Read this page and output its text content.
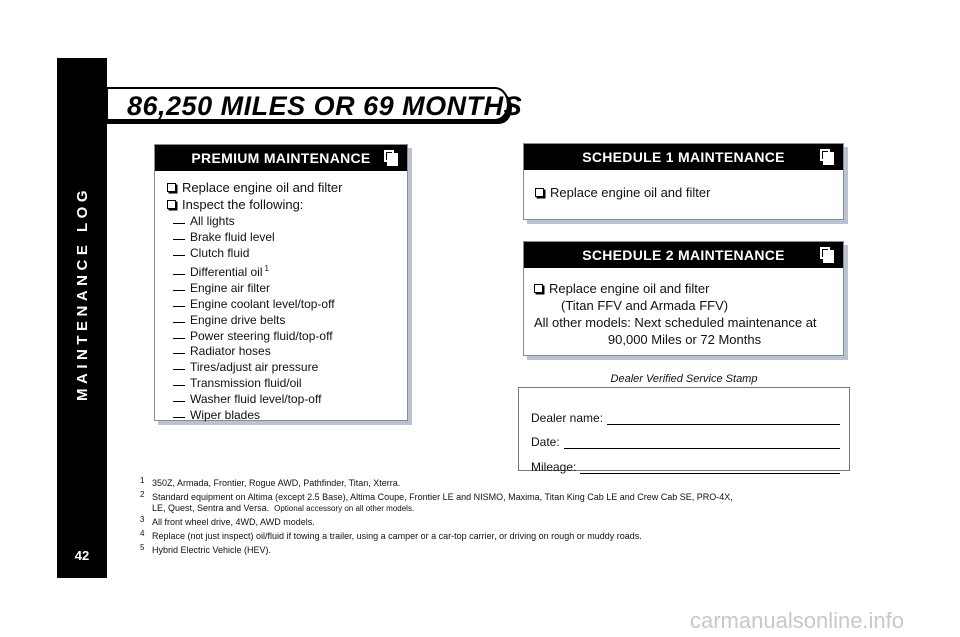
MAINTENANCE LOG
42
86,250 MILES OR 69 MONTHS
PREMIUM MAINTENANCE
Replace engine oil and filter
Inspect the following:
All lights
Brake fluid level
Clutch fluid
Differential oil $^1$
Engine air filter
Engine coolant level/top-off
Engine drive belts
Power steering fluid/top-off
Radiator hoses
Tires/adjust air pressure
Transmission fluid/oil
Washer fluid level/top-off
Wiper blades
SCHEDULE 1 MAINTENANCE
Replace engine oil and filter
SCHEDULE 2 MAINTENANCE
Replace engine oil and filter
(Titan FFV and Armada FFV)
All other models: Next scheduled maintenance at
90,000 Miles or 72 Months
Dealer Verified Service Stamp
Dealer name:
Date:
Mileage:
1 350Z, Armada, Frontier, Rogue AWD, Pathfinder, Titan, Xterra.
2 Standard equipment on Altima (except 2.5 Base), Altima Coupe, Frontier LE and NISMO, Maxima, Titan King Cab LE and Crew Cab SE, PRO-4X,
LE, Quest, Sentra and Versa. Optional accessory on all other models.
3 All front wheel drive, 4WD, AWD models.
4 Replace (not just inspect) oil/fluid if towing a trailer, using a camper or a car-top carrier, or driving on rough or muddy roads.
5 Hybrid Electric Vehicle (HEV).
carmanualsonline.info
